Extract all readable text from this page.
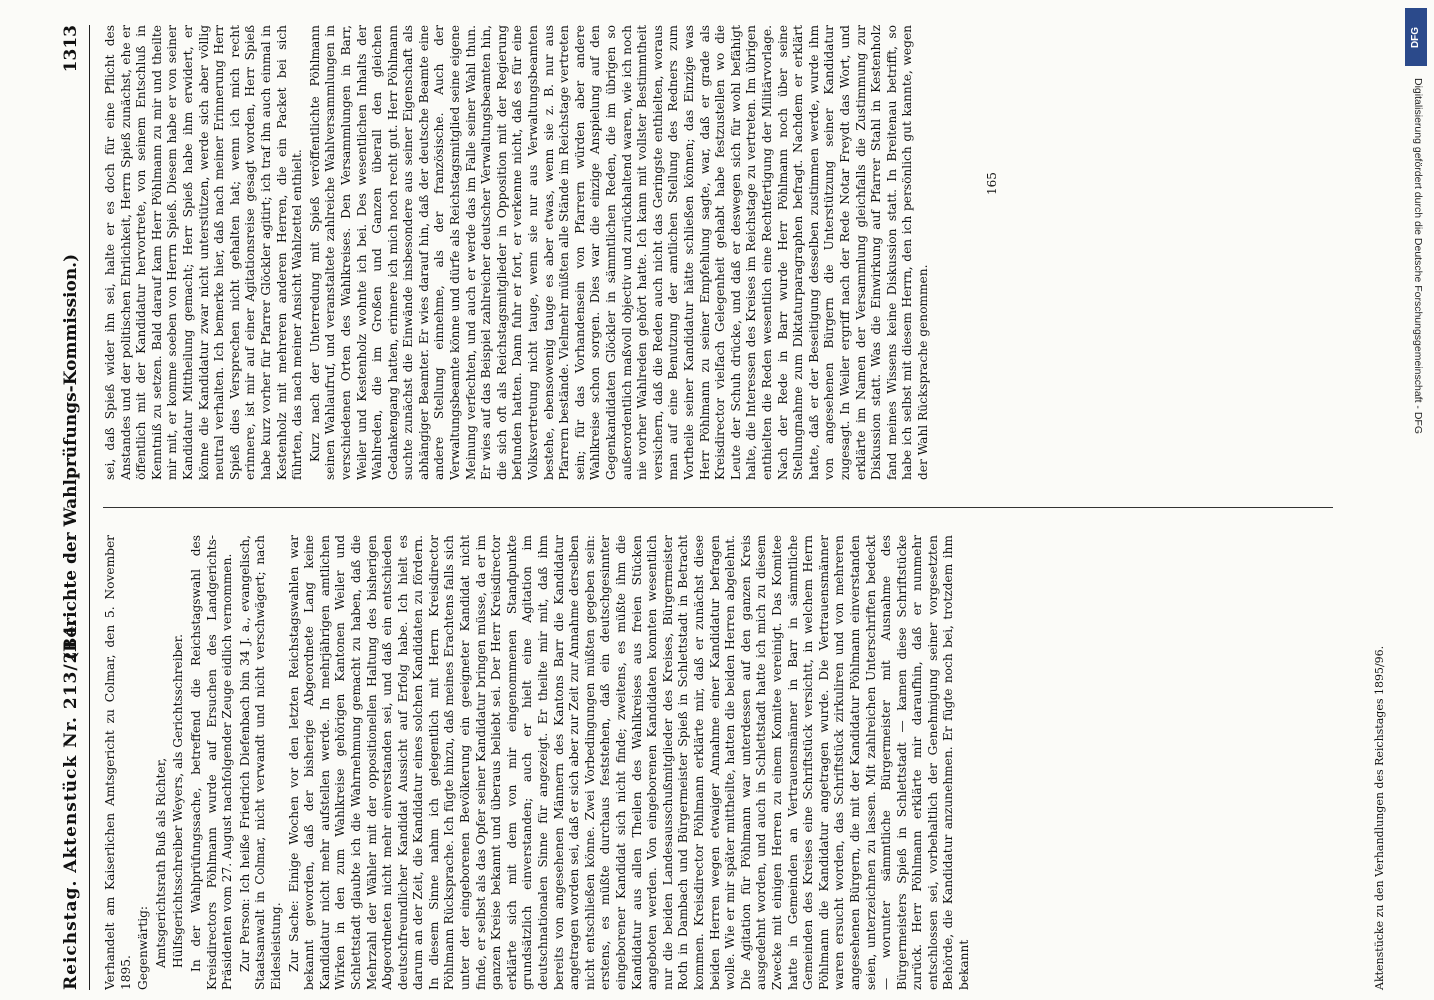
Reichstag. Aktenstück Nr. 213/214.
(Berichte der Wahlprüfungs-Kommission.)
1313

Verhandelt am Kaiserlichen Amtsgericht zu Colmar, den 5. November 1895. Gegenwärtig: Amtsgerichtsrath Buß als Richter, Hülfsgerichtsschreiber Weyers, als Gerichtsschreiber. In der Wahlprüfungssache, betreffend die Reichstagswahl des Kreisdirectors Pöhlmann wurde auf Ersuchen des Landgerichts-Präsidenten vom 27. August nachfolgender Zeuge eidlich vernommen. Zur Person: Ich heiße Friedrich Diefenbach bin 34 J. a., evangelisch, Staatsanwalt in Colmar, nicht verwandt und nicht verschwägert; nach Eidesleistung. Zur Sache: Einige Wochen vor den letzten Reichstagswahlen war bekannt geworden, daß der bisherige Abgeordnete Lang keine Kandidatur nicht mehr aufstellen werde. In mehrjährigen amtlichen Wirken in den zum Wahlkreise gehörigen Kantonen Weiler und Schlettstadt glaubte ich die Wahrnehmung gemacht zu haben, daß die Mehrzahl der Wähler mit der oppositionellen Haltung des bisherigen Abgeordneten nicht mehr einverstanden sei, und daß ein entschieden deutschfreundlicher Kandidat Aussicht auf Erfolg habe. Ich hielt es darum an der Zeit, die Kandidatur eines solchen Kandidaten zu fördern. In diesem Sinne nahm ich gelegentlich mit Herrn Kreisdirector Pöhlmann Rücksprache. Ich fügte hinzu, daß meines Erachtens falls sich unter der eingeborenen Bevölkerung ein geeigneter Kandidat nicht finde, er selbst als das Opfer seiner Kandidatur bringen müsse, da er im ganzen Kreise bekannt und überaus beliebt sei. Der Herr Kreisdirector erklärte sich mit dem von mir eingenommenen Standpunkte grundsätzlich einverstanden; auch er hielt eine Agitation im deutschnationalen Sinne für angezeigt. Er theilte mir mit, daß ihm bereits von angesehenen Männern des Kantons Barr die Kandidatur angetragen worden sei, daß er sich aber zur Zeit zur Annahme derselben nicht entschließen könne. Zwei Vorbedingungen müßten gegeben sein: erstens, es müßte durchaus feststehen, daß ein deutschgesinnter eingeborener Kandidat sich nicht finde; zweitens, es müßte ihm die Kandidatur aus allen Theilen des Wahlkreises aus freien Stücken angeboten werden. Von eingeborenen Kandidaten konnten wesentlich nur die beiden Landesausschußmitglieder des Kreises, Bürgermeister Roth in Dambach und Bürgermeister Spieß in Schlettstadt in Betracht kommen. Kreisdirector Pöhlmann erklärte mir, daß er zunächst diese beiden Herren wegen etwaiger Annahme einer Kandidatur befragen wolle. Wie er mir später mittheilte, hatten die beiden Herren abgelehnt. Die Agitation für Pöhlmann war unterdessen auf den ganzen Kreis ausgedehnt worden, und auch in Schlettstadt hatte ich mich zu diesem Zwecke mit einigen Herren zu einem Komitee vereinigt. Das Komitee hatte in Gemeinden an Vertrauensmänner in Barr in sämmtliche Gemeinden des Kreises eine Schriftstück versichtt, in welchem Herrn Pöhlmann die Kandidatur angetragen wurde. Die Vertrauensmänner waren ersucht worden, das Schriftstück zirkuliren und von mehreren angesehenen Bürgern, die mit der Kandidatur Pöhlmann einverstanden seien, unterzeichnen zu lassen. Mit zahlreichen Unterschriften bedeckt — worunter sämmtliche Bürgermeister mit Ausnahme des Bürgermeisters Spieß in Schlettstadt — kamen diese Schriftstücke zurück. Herr Pöhlmann erklärte mir daraufhin, daß er nunmehr entschlossen sei, vorbehaltlich der Genehmigung seiner vorgesetzten Behörde, die Kandidatur anzunehmen. Er fügte noch bei, trotzdem ihm bekannt

sei, daß Spieß wider ihn sei, halte er es doch für eine Pflicht des Anstandes und der politischen Ehrlichkeit, Herrn Spieß zunächst, ehe er öffentlich mit der Kandidatur hervortrete, von seinem Entschluß in Kenntniß zu setzen. Bald darauf kam Herr Pöhlmann zu mir und theilte mir mit, er komme soeben von Herrn Spieß. Diesem habe er von seiner Kandidatur Mittheilung gemacht; Herr Spieß habe ihm erwidert, er könne die Kandidatur zwar nicht unterstützen, werde sich aber völlig neutral verhalten. Ich bemerke hier, daß nach meiner Erinnerung Herr Spieß dies Versprechen nicht gehalten hat; wenn ich mich recht erinnere, ist mir auf einer Agitationsreise gesagt worden, Herr Spieß habe kurz vorher für Pfarrer Glöckler agitirt; ich traf ihn auch einmal in Kestenholz mit mehreren anderen Herren, die ein Packet bei sich führten, das nach meiner Ansicht Wahlzettel enthielt. Kurz nach der Unterredung mit Spieß veröffentlichte Pöhlmann seinen Wahlaufruf, und veranstaltete zahlreiche Wahlversammlungen in verschiedenen Orten des Wahlkreises. Den Versammlungen in Barr, Weiler und Kestenholz wohnte ich bei. Des wesentlichen Inhalts der Wahlreden, die im Großen und Ganzen überall den gleichen Gedankengang hatten, erinnere ich mich noch recht gut. Herr Pöhlmann suchte zunächst die Einwände insbesondere aus seiner Eigenschaft als abhängiger Beamter. Er wies darauf hin, daß der deutsche Beamte eine andere Stellung einnehme, als der französische. Auch der Verwaltungsbeamte könne und dürfe als Reichstagsmitglied seine eigene Meinung verfechten, und auch er werde das im Falle seiner Wahl thun. Er wies auf das Beispiel zahlreicher deutscher Verwaltungsbeamten hin, die sich oft als Reichstagsmitglieder in Opposition mit der Regierung befunden hatten. Dann fuhr er fort, er verkenne nicht, daß es für eine Volksvertretung nicht tauge, wenn sie nur aus Verwaltungsbeamten bestehe, ebensowenig tauge es aber etwas, wenn sie z. B. nur aus Pfarrern bestände. Vielmehr müßten alle Stände im Reichstage vertreten sein; für das Vorhandensein von Pfarrern würden aber andere Wahlkreise schon sorgen. Dies war die einzige Anspielung auf den Gegenkandidaten Glöckler in sämmtlichen Reden, die im übrigen so außerordentlich maßvoll objectiv und zurückhaltend waren, wie ich noch nie vorher Wahlreden gehört hatte. Ich kann mit vollster Bestimmtheit versichern, daß die Reden auch nicht das Geringste enthielten, woraus man auf eine Benutzung der amtlichen Stellung des Redners zum Vortheile seiner Kandidatur hätte schließen können; das Einzige was Herr Pöhlmann zu seiner Empfehlung sagte, war, daß er grade als Kreisdirector vielfach Gelegenheit gehabt habe festzustellen wo die Leute der Schuh drücke, und daß er deswegen sich für wohl befähigt halte, die Interessen des Kreises im Reichstage zu vertreten. Im übrigen enthielten die Reden wesentlich eine Rechtfertigung der Militärvorlage. Nach der Rede in Barr wurde Herr Pöhlmann noch über seine Stellungnahme zum Diktaturparagraphen befragt. Nachdem er erklärt hatte, daß er der Beseitigung desselben zustimmen werde, wurde ihm von angesehenen Bürgern die Unterstützung seiner Kandidatur zugesagt. In Weiler ergriff nach der Rede Notar Freydt das Wort, und erklärte im Namen der Versammlung gleichfalls die Zustimmung zur Diskussion statt. Was die Einwirkung auf Pfarrer Stahl in Kestenholz fand meines Wissens keine Diskussion statt. In Breitenau betrifft, so habe ich selbst mit diesem Herrn, den ich persönlich gut kannte, wegen der Wahl Rücksprache genommen.

165
Aktenstücke zu den Verhandlungen des Reichstages 1895/96.
DFG
Digitalisierung gefördert durch die Deutsche Forschungsgemeinschaft - DFG
